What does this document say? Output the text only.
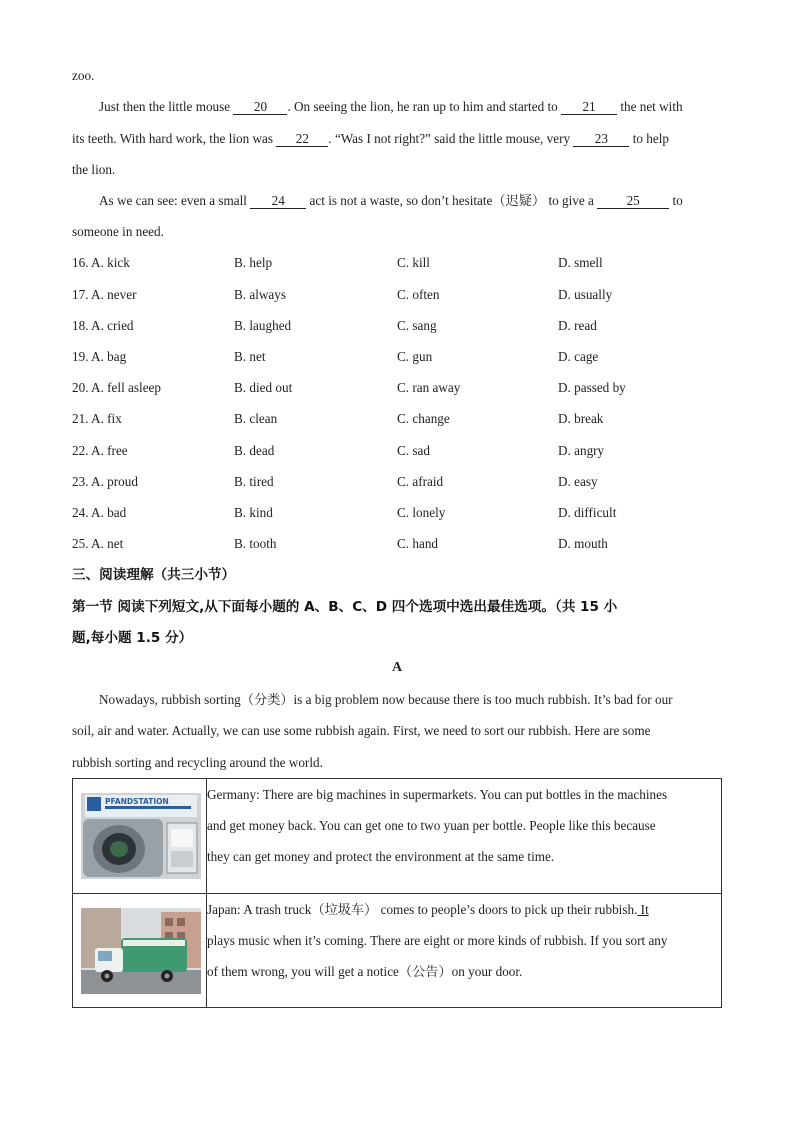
zoo.
Just then the little mouse 20 . On seeing the lion, he ran up to him and started to 21 the net with
its teeth. With hard work, the lion was 22 . “Was I not right?” said the little mouse, very 23 to help
the lion.
As we can see: even a small 24 act is not a waste, so don’t hesitate（迟疑） to give a 25 to
someone in need.
16. A. kick	B. help	C. kill	D. smell
17. A. never	B. always	C. often	D. usually
18. A. cried	B. laughed	C. sang	D. read
19. A. bag	B. net	C. gun	D. cage
20. A. fell asleep	B. died out	C. ran away	D. passed by
21. A. fix	B. clean	C. change	D. break
22. A. free	B. dead	C. sad	D. angry
23. A. proud	B. tired	C. afraid	D. easy
24. A. bad	B. kind	C. lonely	D. difficult
25. A. net	B. tooth	C. hand	D. mouth
三、阅读理解（共三小节）
第一节 阅读下列短文,从下面每小题的 A、B、C、D 四个选项中选出最佳选项。（共 15 小
题,每小题 1.5 分）
A
Nowadays, rubbish sorting（分类）is a big problem now because there is too much rubbish. It’s bad for our
soil, air and water. Actually, we can use some rubbish again. First, we need to sort our rubbish. Here are some
rubbish sorting and recycling around the world.
PFANDSTATION	Germany: There are big machines in supermarkets. You can put bottles in the machines
and get money back. You can get one to two yuan per bottle. People like this because
they can get money and protect the environment at the same time.

Japan: A trash truck（垃圾车） comes to people’s doors to pick up their rubbish. It
plays music when it’s coming. There are eight or more kinds of rubbish. If you sort any
of them wrong, you will get a notice（公告）on your door.
